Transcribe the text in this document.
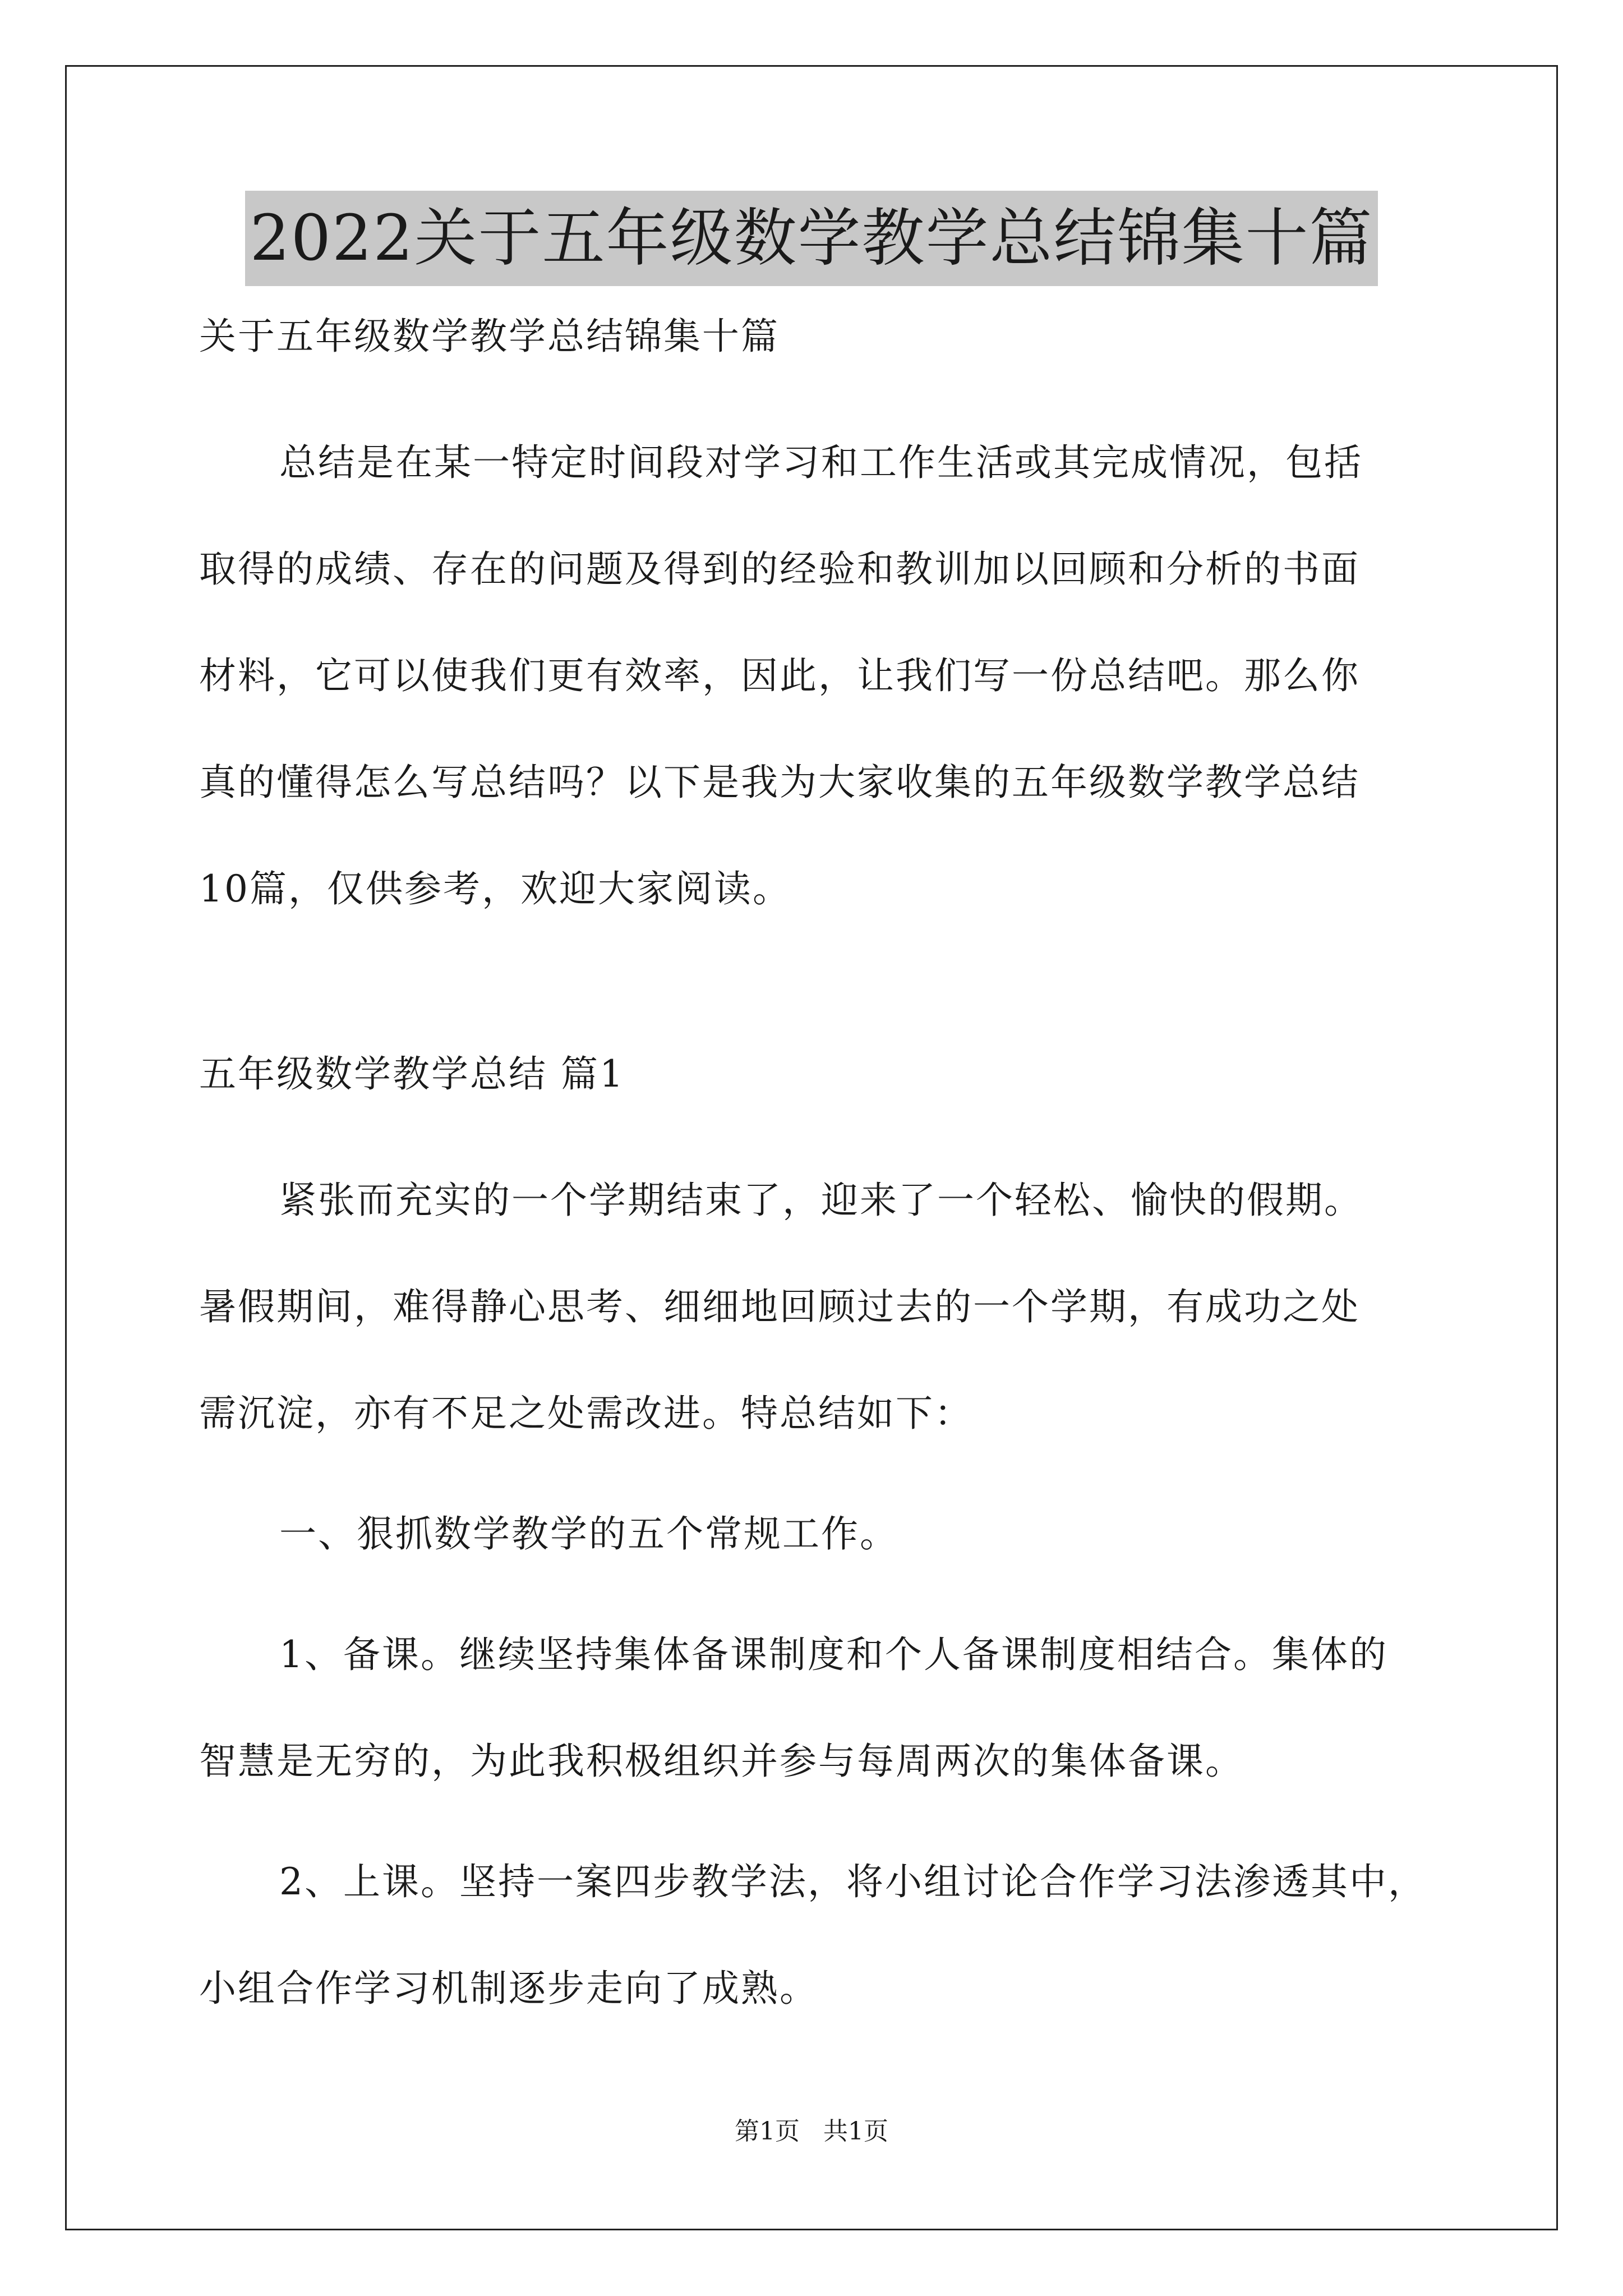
2022关于五年级数学教学总结锦集十篇
关于五年级数学教学总结锦集十篇
总结是在某一特定时间段对学习和工作生活或其完成情况，包括
取得的成绩、存在的问题及得到的经验和教训加以回顾和分析的书面
材料，它可以使我们更有效率，因此，让我们写一份总结吧。那么你
真的懂得怎么写总结吗？以下是我为大家收集的五年级数学教学总结
10篇，仅供参考，欢迎大家阅读。
五年级数学教学总结 篇1
紧张而充实的一个学期结束了，迎来了一个轻松、愉快的假期。
暑假期间，难得静心思考、细细地回顾过去的一个学期，有成功之处
需沉淀，亦有不足之处需改进。特总结如下：
一、狠抓数学教学的五个常规工作。
1、备课。继续坚持集体备课制度和个人备课制度相结合。集体的
智慧是无穷的，为此我积极组织并参与每周两次的集体备课。
2、上课。坚持一案四步教学法，将小组讨论合作学习法渗透其中，
小组合作学习机制逐步走向了成熟。
第1页   共1页
